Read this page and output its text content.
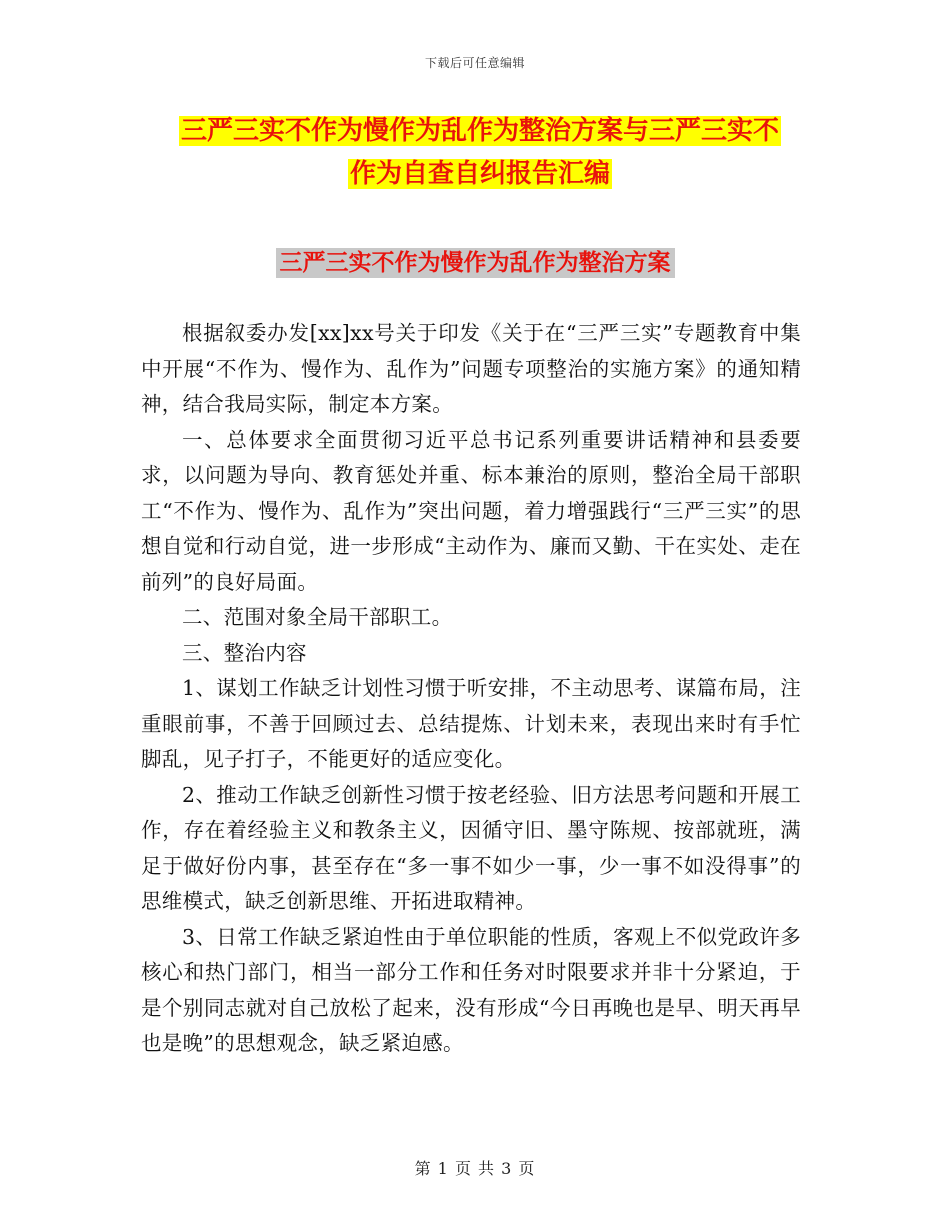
下载后可任意编辑
三严三实不作为慢作为乱作为整治方案与三严三实不
作为自查自纠报告汇编
三严三实不作为慢作为乱作为整治方案

根据叙委办发[xx]xx号关于印发《关于在“三严三实”专题教育中集中开展“不作为、慢作为、乱作为”问题专项整治的实施方案》的通知精神，结合我局实际，制定本方案。

一、总体要求全面贯彻习近平总书记系列重要讲话精神和县委要求，以问题为导向、教育惩处并重、标本兼治的原则，整治全局干部职工“不作为、慢作为、乱作为”突出问题，着力增强践行“三严三实”的思想自觉和行动自觉，进一步形成“主动作为、廉而又勤、干在实处、走在前列”的良好局面。

二、范围对象全局干部职工。

三、整治内容

1、谋划工作缺乏计划性习惯于听安排，不主动思考、谋篇布局，注重眼前事，不善于回顾过去、总结提炼、计划未来，表现出来时有手忙脚乱，见子打子，不能更好的适应变化。

2、推动工作缺乏创新性习惯于按老经验、旧方法思考问题和开展工作，存在着经验主义和教条主义，因循守旧、墨守陈规、按部就班，满足于做好份内事，甚至存在“多一事不如少一事，少一事不如没得事”的思维模式，缺乏创新思维、开拓进取精神。

3、日常工作缺乏紧迫性由于单位职能的性质，客观上不似党政许多核心和热门部门，相当一部分工作和任务对时限要求并非十分紧迫，于是个别同志就对自己放松了起来，没有形成“今日再晚也是早、明天再早也是晚”的思想观念，缺乏紧迫感。

第 1 页 共 3 页
